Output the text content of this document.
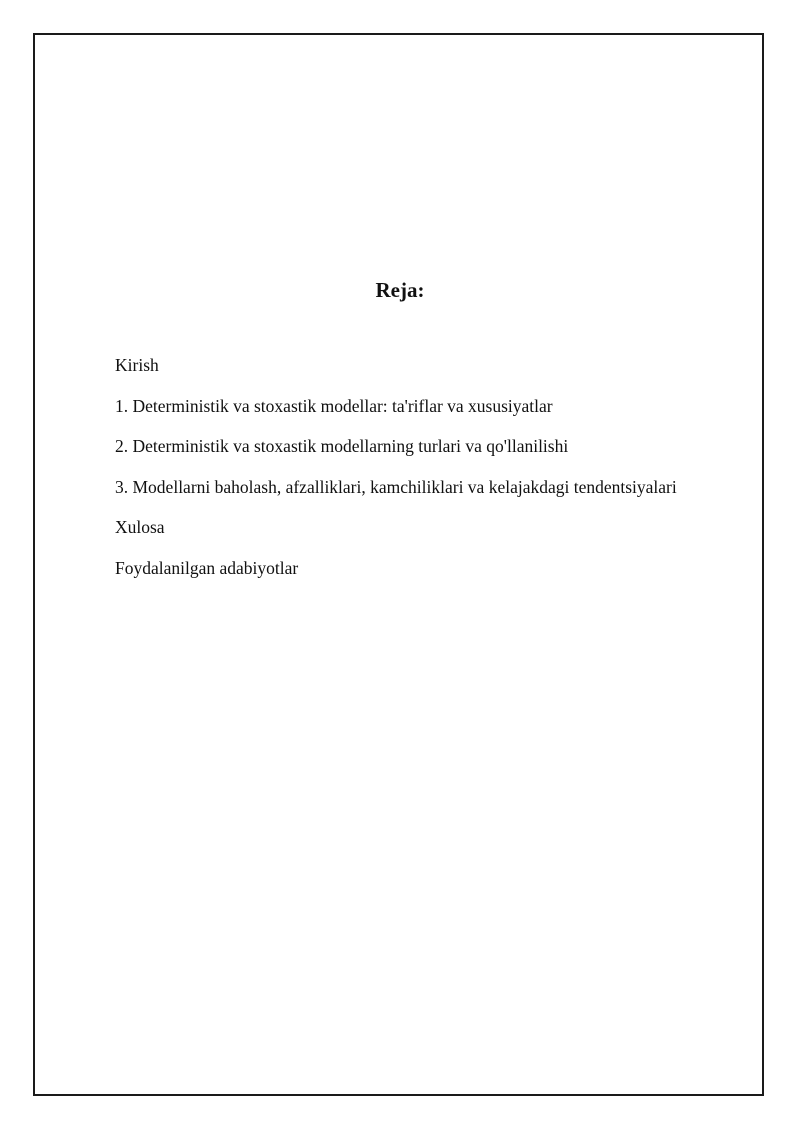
Reja:
Kirish
1. Deterministik va stoxastik modellar: ta'riflar va xususiyatlar
2. Deterministik va stoxastik modellarning turlari va qo'llanilishi
3. Modellarni baholash, afzalliklari, kamchiliklari va kelajakdagi tendentsiyalari
Xulosa
Foydalanilgan adabiyotlar
